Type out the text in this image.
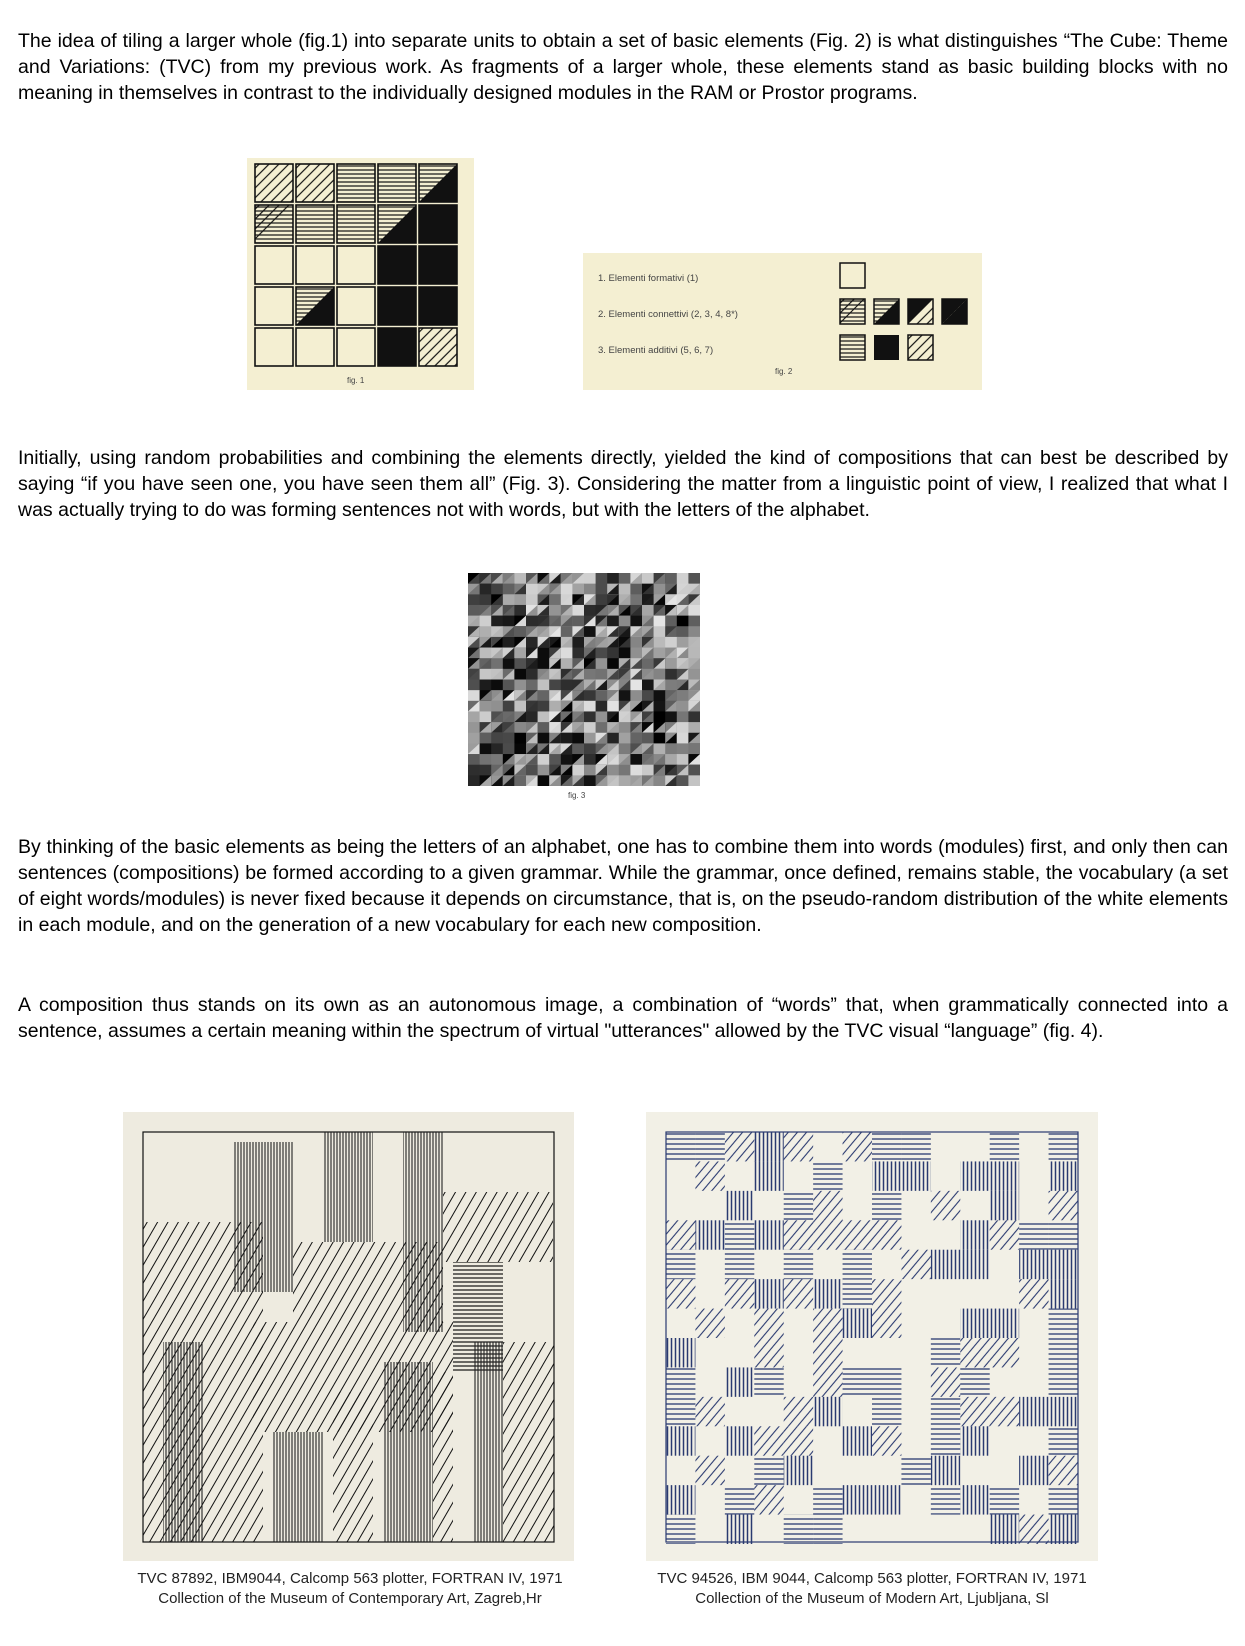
The idea of tiling a larger whole (fig.1) into separate units to obtain a set of basic elements (Fig. 2) is what distinguishes “The Cube: Theme and Variations: (TVC) from my previous work. As fragments of a larger whole, these elements stand as basic building blocks with no meaning in themselves in contrast to the individually designed modules in the RAM or Prostor programs.

fig. 1
1. Elementi formativi (1)
2. Elementi connettivi (2, 3, 4, 8*)
3. Elementi additivi (5, 6, 7)
fig. 2

Initially, using random probabilities and combining the elements directly, yielded the kind of compositions that can best be described by saying “if you have seen one, you have seen them all” (Fig. 3). Considering the matter from a linguistic point of view, I realized that what I was actually trying to do was forming sentences not with words, but with the letters of the alphabet.

fig. 3

By thinking of the basic elements as being the letters of an alphabet, one has to combine them into words (modules) first, and only then can sentences (compositions) be formed according to a given grammar. While the grammar, once defined, remains stable, the vocabulary (a set of eight words/modules) is never fixed because it depends on circumstance, that is, on the pseudo-random distribution of the white elements in each module, and on the generation of a new vocabulary for each new composition.

A composition thus stands on its own as an autonomous image, a combination of “words” that, when grammatically connected into a sentence, assumes a certain meaning within the spectrum of virtual "utterances" allowed by the TVC visual “language” (fig. 4).

TVC 87892, IBM9044, Calcomp 563 plotter, FORTRAN IV, 1971
Collection of the Museum of Contemporary Art, Zagreb,Hr
TVC 94526, IBM 9044, Calcomp 563 plotter, FORTRAN IV, 1971
Collection of the Museum of Modern Art, Ljubljana, Sl
